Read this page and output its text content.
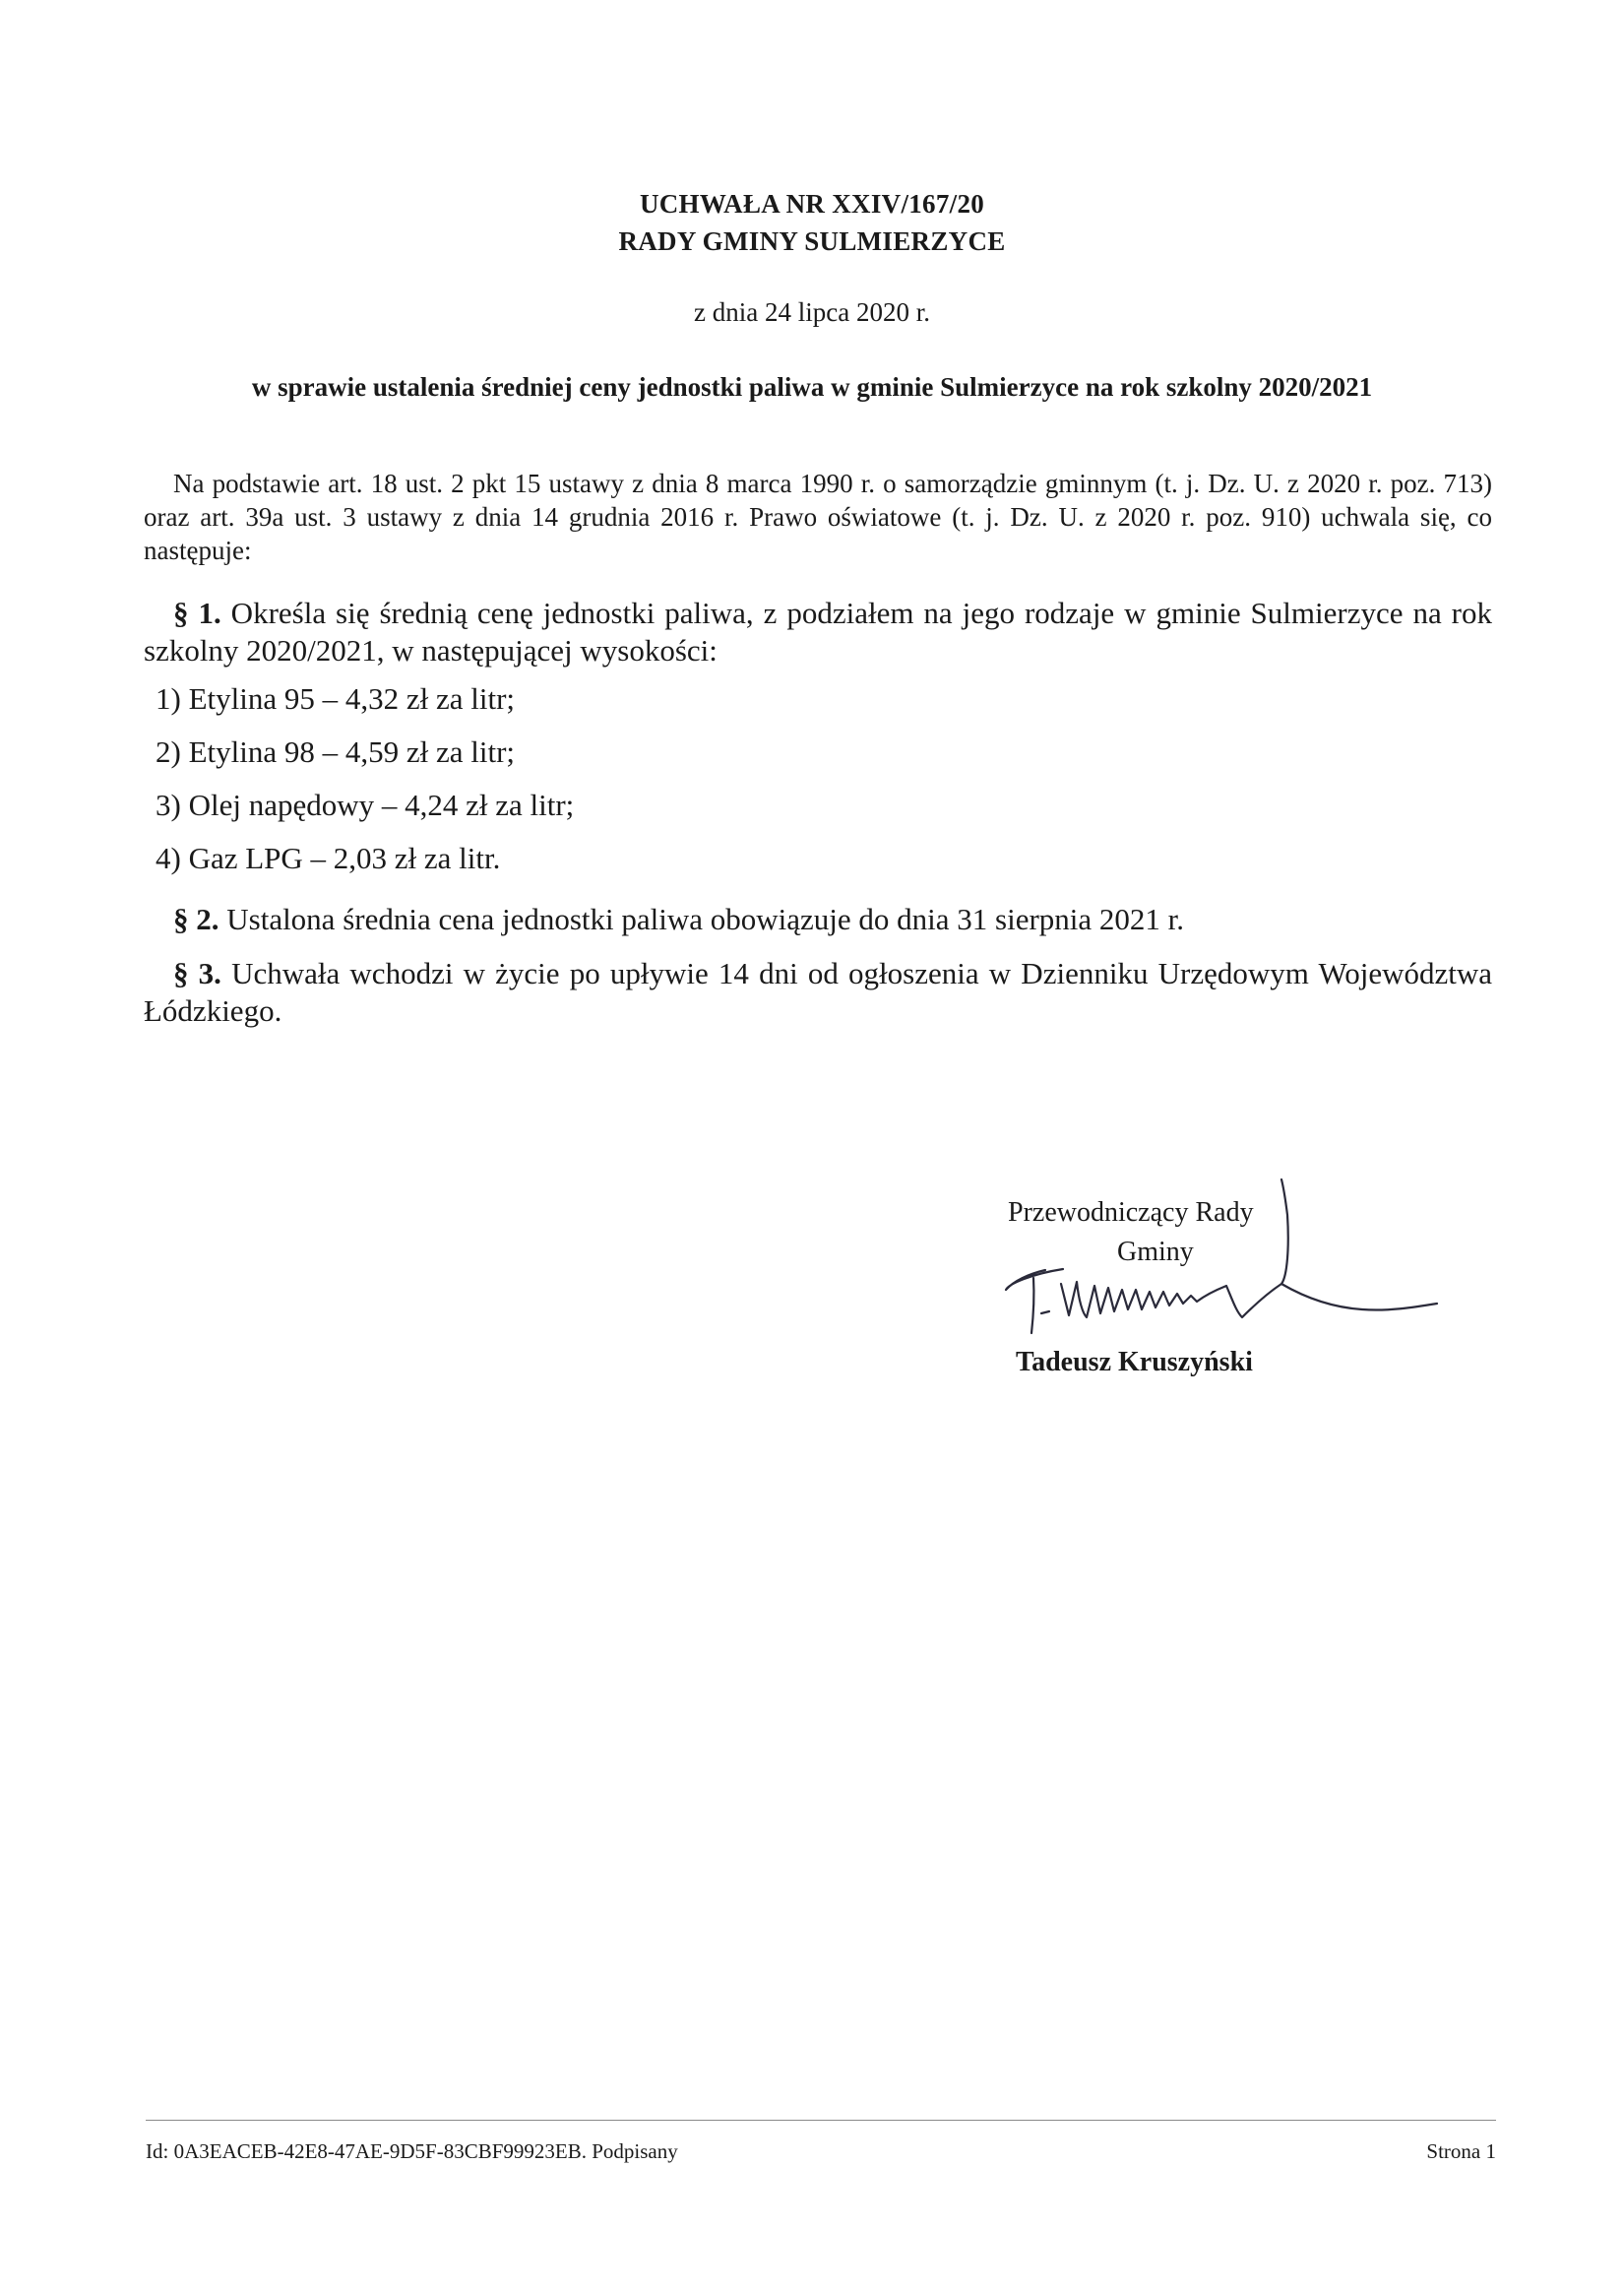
UCHWAŁA NR XXIV/167/20
RADY GMINY SULMIERZYCE
z dnia 24 lipca 2020 r.
w sprawie ustalenia średniej ceny jednostki paliwa w gminie Sulmierzyce na rok szkolny 2020/2021

Na podstawie art. 18 ust. 2 pkt 15 ustawy z dnia 8 marca 1990 r. o samorządzie gminnym (t. j. Dz. U. z 2020 r. poz. 713) oraz art. 39a ust. 3 ustawy z dnia 14 grudnia 2016 r. Prawo oświatowe (t. j. Dz. U. z 2020 r. poz. 910) uchwala się, co następuje:

§ 1. Określa się średnią cenę jednostki paliwa, z podziałem na jego rodzaje w gminie Sulmierzyce na rok szkolny 2020/2021, w następującej wysokości:
1) Etylina 95 – 4,32 zł za litr;
2) Etylina 98 – 4,59 zł za litr;
3) Olej napędowy – 4,24 zł za litr;
4) Gaz LPG – 2,03 zł za litr.
§ 2. Ustalona średnia cena jednostki paliwa obowiązuje do dnia 31 sierpnia 2021 r.
§ 3. Uchwała wchodzi w życie po upływie 14 dni od ogłoszenia w Dzienniku Urzędowym Województwa Łódzkiego.
Przewodniczący Rady
Gminy
Tadeusz Kruszyński
Id: 0A3EACEB-42E8-47AE-9D5F-83CBF99923EB. Podpisany	Strona 1
